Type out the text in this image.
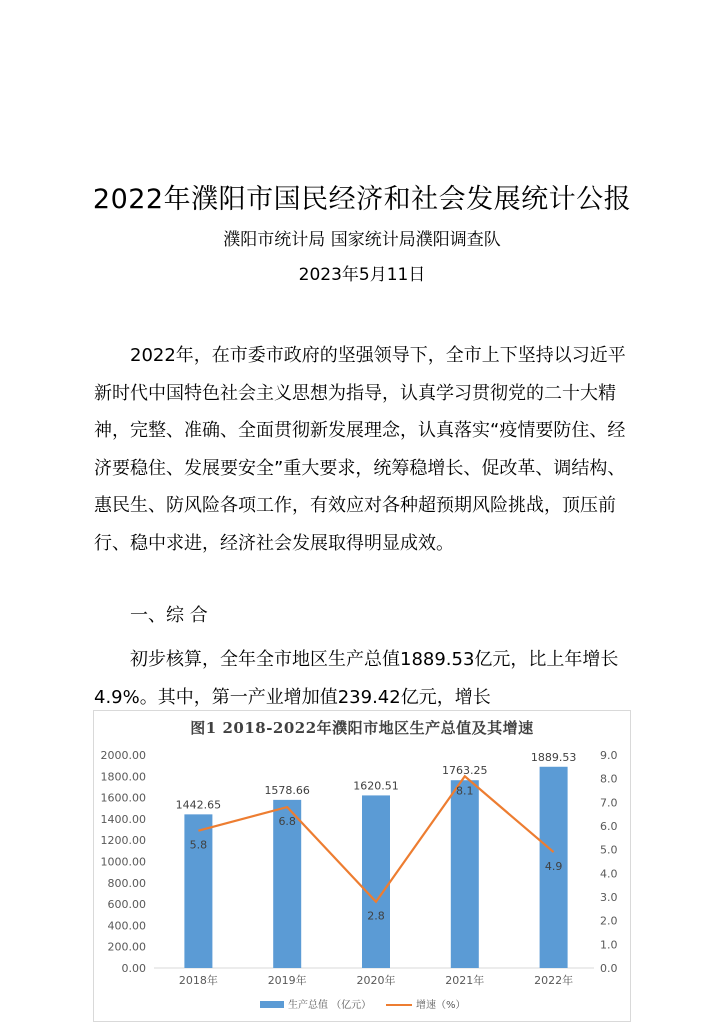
2022年濮阳市国民经济和社会发展统计公报
濮阳市统计局 国家统计局濮阳调查队
2023年5月11日

2022年，在市委市政府的坚强领导下，全市上下坚持以习近平新时代中国特色社会主义思想为指导，认真学习贯彻党的二十大精神，完整、准确、全面贯彻新发展理念，认真落实“疫情要防住、经济要稳住、发展要安全”重大要求，统筹稳增长、促改革、调结构、惠民生、防风险各项工作，有效应对各种超预期风险挑战，顶压前行、稳中求进，经济社会发展取得明显成效。

一、综 合

初步核算，全年全市地区生产总值1889.53亿元，比上年增长4.9%。其中，第一产业增加值239.42亿元，增长

图1 2018-2022年濮阳市地区生产总值及其增速
0.00
200.00
400.00
600.00
800.00
1000.00
1200.00
1400.00
1600.00
1800.00
2000.00
0.0
1.0
2.0
3.0
4.0
5.0
6.0
7.0
8.0
9.0
1442.65
1578.66	1620.51
1763.25
1889.53
2018年	2019年	2020年	2021年	2022年
5.8
6.8
2.8
8.1
4.9
生产总值 （亿元）	增速（%）
